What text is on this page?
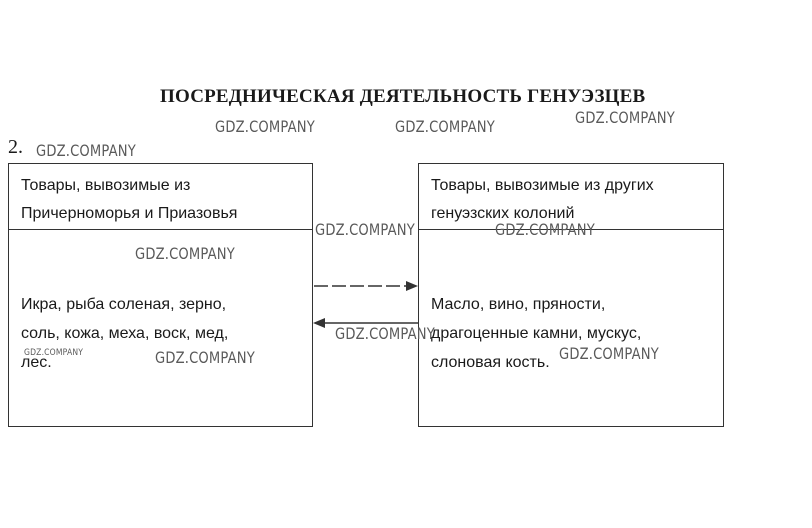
ПОСРЕДНИЧЕСКАЯ ДЕЯТЕЛЬНОСТЬ ГЕНУЭЗЦЕВ
2.
Товары, вывозимые из
Причерноморья и Приазовья
Икра, рыба соленая, зерно,
соль, кожа, меха, воск, мед,
лес.
Товары, вывозимые из других
генуэзских колоний
Масло, вино, пряности,
драгоценные камни, мускус,
слоновая кость.
GDZ.COMPANY	GDZ.COMPANY	GDZ.COMPANY
GDZ.COMPANY
GDZ.COMPANY	GDZ.COMPANY
GDZ.COMPANY
GDZ.COMPANY
GDZ.COMPANY
GDZ.COMPANY
GDZ.COMPANY
